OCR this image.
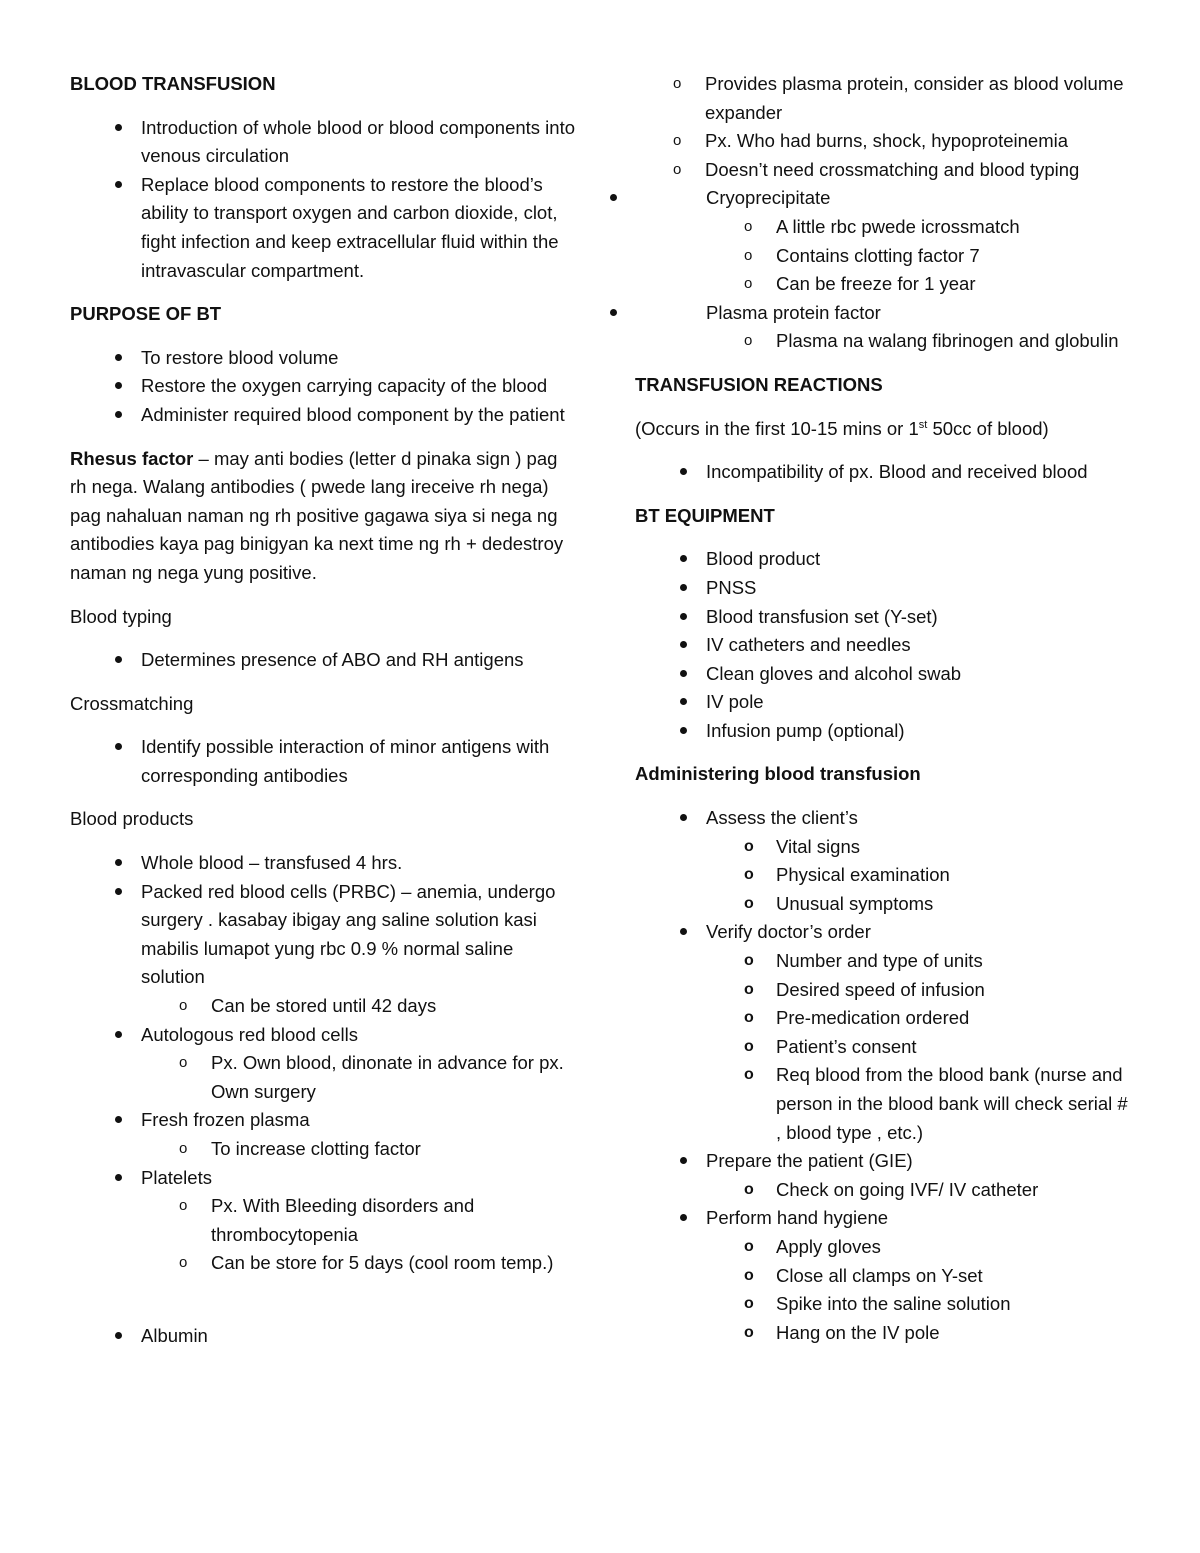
BLOOD TRANSFUSION
Introduction of whole blood or blood components into venous circulation
Replace blood components to restore the blood’s ability to transport oxygen and carbon dioxide, clot, fight infection and keep extracellular fluid within the intravascular compartment.
PURPOSE OF BT
To restore blood volume
Restore the oxygen carrying capacity of the blood
Administer required blood component by the patient
Rhesus factor – may anti bodies (letter d pinaka sign ) pag rh nega. Walang antibodies ( pwede lang ireceive rh nega) pag nahaluan naman ng rh positive gagawa siya si nega ng antibodies kaya pag binigyan ka next time ng rh + dedestroy naman ng nega yung positive.
Blood typing
Determines presence of ABO and RH antigens
Crossmatching
Identify possible interaction of minor antigens with corresponding antibodies
Blood products
Whole blood – transfused 4 hrs.
Packed red blood cells (PRBC) – anemia, undergo surgery . kasabay ibigay ang saline solution kasi mabilis lumapot yung rbc 0.9 % normal saline solution
o Can be stored until 42 days
Autologous red blood cells
o Px. Own blood, dinonate in advance for px. Own surgery
Fresh frozen plasma
o To increase clotting factor
Platelets
o Px. With Bleeding disorders and thrombocytopenia
o Can be store for 5 days (cool room temp.)
Albumin
o Provides plasma protein, consider as blood volume expander
o Px. Who had burns, shock, hypoproteinemia
o Doesn’t need crossmatching and blood typing
Cryoprecipitate
o A little rbc pwede icrossmatch
o Contains clotting factor 7
o Can be freeze for 1 year
Plasma protein factor
o Plasma na walang fibrinogen and globulin
TRANSFUSION REACTIONS
(Occurs in the first 10-15 mins or 1st 50cc of blood)
Incompatibility of px. Blood and received blood
BT EQUIPMENT
Blood product
PNSS
Blood transfusion set (Y-set)
IV catheters and needles
Clean gloves and alcohol swab
IV pole
Infusion pump (optional)
Administering blood transfusion
Assess the client’s
o Vital signs
o Physical examination
o Unusual symptoms
Verify doctor’s order
o Number and type of units
o Desired speed of infusion
o Pre-medication ordered
o Patient’s consent
o Req blood from the blood bank (nurse and person in the blood bank will check serial # , blood type , etc.)
Prepare the patient (GIE)
o Check on going IVF/ IV catheter
Perform hand hygiene
o Apply gloves
o Close all clamps on Y-set
o Spike into the saline solution
o Hang on the IV pole
